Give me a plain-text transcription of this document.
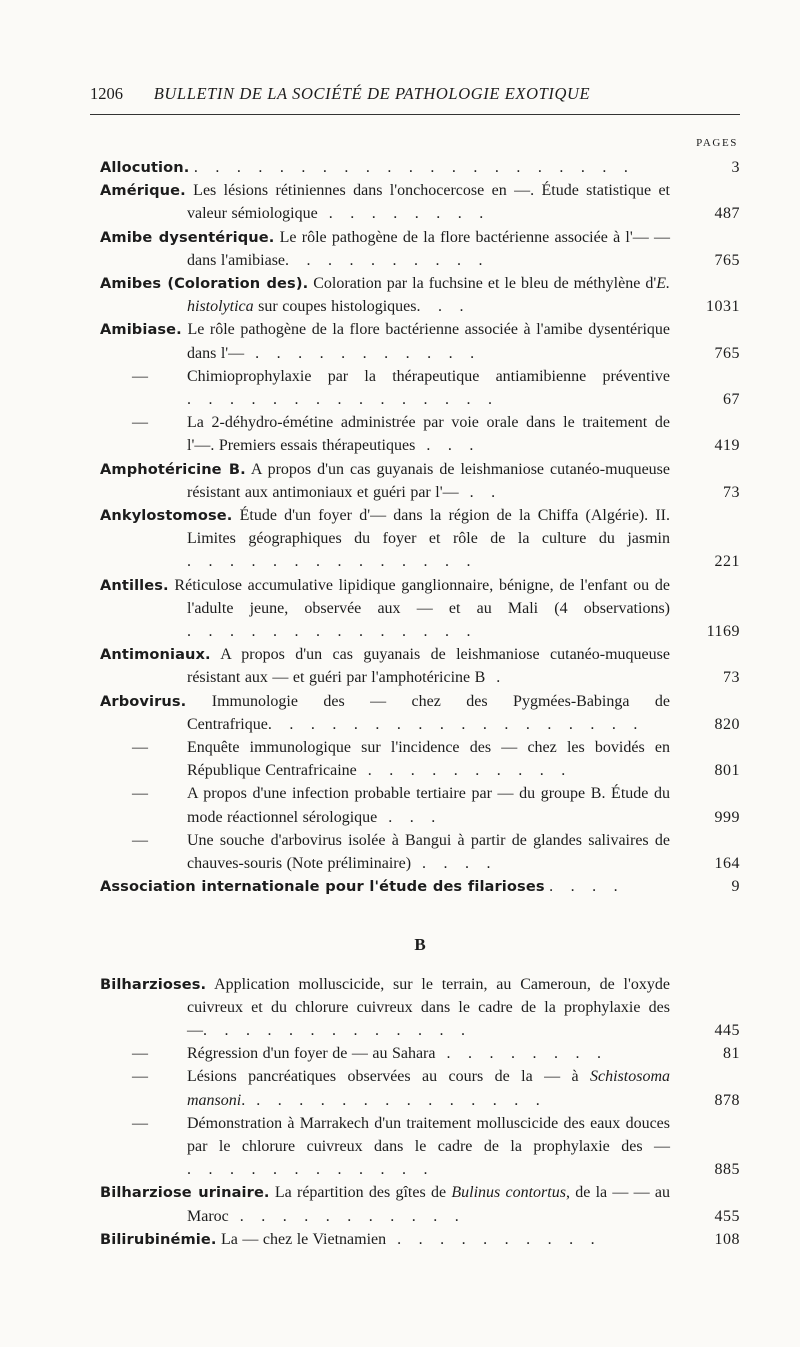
1206 BULLETIN DE LA SOCIÉTÉ DE PATHOLOGIE EXOTIQUE
PAGES
Allocution. . . . . . . . . . . . . . . . . . . . . .	3
Amérique. Les lésions rétiniennes dans l'onchocercose en —. Étude statistique et valeur sémiologique . . . . . . . .	487
Amibe dysentérique. Le rôle pathogène de la flore bactérienne associée à l'— — dans l'amibiase. . . . . . . . . .	765
Amibes (Coloration des). Coloration par la fuchsine et le bleu de méthylène d'E. histolytica sur coupes histologiques. . .	1031
Amibiase. Le rôle pathogène de la flore bactérienne associée à l'amibe dysentérique dans l'— . . . . . . . . . . .	765
— Chimioprophylaxie par la thérapeutique antiamibienne préventive . . . . . . . . . . . . . . .	67
— La 2-déhydro-émétine administrée par voie orale dans le traitement de l'—. Premiers essais thérapeutiques . . .	419
Amphotéricine B. A propos d'un cas guyanais de leishmaniose cutanéo-muqueuse résistant aux antimoniaux et guéri par l'— . .	73
Ankylostomose. Étude d'un foyer d'— dans la région de la Chiffa (Algérie). II. Limites géographiques du foyer et rôle de la culture du jasmin . . . . . . . . . . . . . .	221
Antilles. Réticulose accumulative lipidique ganglionnaire, bénigne, de l'enfant ou de l'adulte jeune, observée aux — et au Mali (4 observations) . . . . . . . . . . . . . .	1169
Antimoniaux. A propos d'un cas guyanais de leishmaniose cutanéo-muqueuse résistant aux — et guéri par l'amphotéricine B .	73
Arbovirus. Immunologie des — chez des Pygmées-Babinga de Centrafrique. . . . . . . . . . . . . . . . . .	820
— Enquête immunologique sur l'incidence des — chez les bovidés en République Centrafricaine . . . . . . . . . .	801
— A propos d'une infection probable tertiaire par — du groupe B. Étude du mode réactionnel sérologique . . .	999
— Une souche d'arbovirus isolée à Bangui à partir de glandes salivaires de chauves-souris (Note préliminaire) . . . .	164
Association internationale pour l'étude des filarioses . . . .	9
B
Bilharzioses. Application molluscicide, sur le terrain, au Cameroun, de l'oxyde cuivreux et du chlorure cuivreux dans le cadre de la prophylaxie des —. . . . . . . . . . . . .	445
— Régression d'un foyer de — au Sahara . . . . . . . .	81
— Lésions pancréatiques observées au cours de la — à Schistosoma mansoni. . . . . . . . . . . . . . .	878
— Démonstration à Marrakech d'un traitement molluscicide des eaux douces par le chlorure cuivreux dans le cadre de la prophylaxie des — . . . . . . . . . . . .	885
Bilharziose urinaire. La répartition des gîtes de Bulinus contortus, de la — — au Maroc . . . . . . . . . . .	455
Bilirubinémie. La — chez le Vietnamien . . . . . . . . . .	108
